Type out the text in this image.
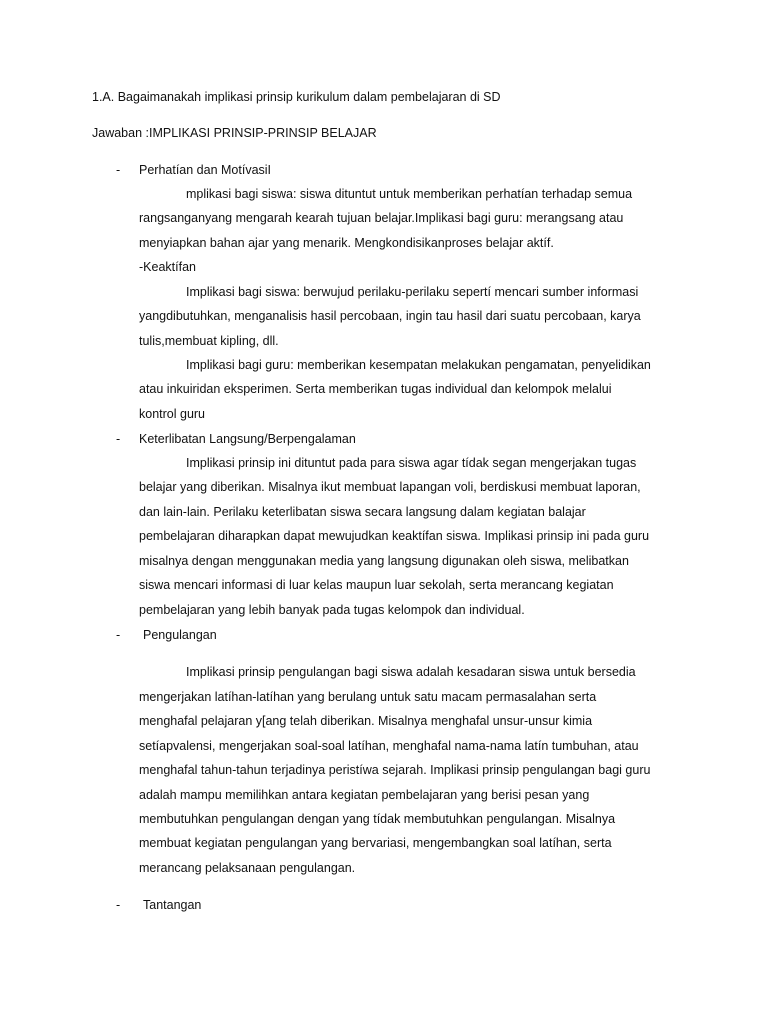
1.A. Bagaimanakah implikasi prinsip kurikulum dalam pembelajaran di SD
Jawaban :IMPLIKASI PRINSIP-PRINSIP BELAJAR
- Perhatían dan MotívasiI
mplikasi bagi siswa: siswa dituntut untuk memberikan perhatían terhadap semua
rangsanganyang mengarah kearah tujuan belajar.Implikasi bagi guru: merangsang atau
menyiapkan bahan ajar yang menarik. Mengkondisikanproses belajar aktíf.
-Keaktífan
Implikasi bagi siswa: berwujud perilaku-perilaku sepertí mencari sumber informasi
yangdibutuhkan, menganalisis hasil percobaan, ingin tau hasil dari suatu percobaan, karya
tulis,membuat kipling, dll.
Implikasi bagi guru: memberikan kesempatan melakukan pengamatan, penyelidikan
atau inkuiridan eksperimen. Serta memberikan tugas individual dan kelompok melalui
kontrol guru
- Keterlibatan Langsung/Berpengalaman
Implikasi prinsip ini dituntut pada para siswa agar tídak segan mengerjakan tugas
belajar yang diberikan. Misalnya ikut membuat lapangan voli, berdiskusi membuat laporan,
dan lain-lain. Perilaku keterlibatan siswa secara langsung dalam kegiatan balajar
pembelajaran diharapkan dapat mewujudkan keaktífan siswa. Implikasi prinsip ini pada guru
misalnya dengan menggunakan media yang langsung digunakan oleh siswa, melibatkan
siswa mencari informasi di luar kelas maupun luar sekolah, serta merancang kegiatan
pembelajaran yang lebih banyak pada tugas kelompok dan individual.
- Pengulangan
Implikasi prinsip pengulangan bagi siswa adalah kesadaran siswa untuk bersedia
mengerjakan latíhan-latíhan yang berulang untuk satu macam permasalahan serta
menghafal pelajaran y[ang telah diberikan. Misalnya menghafal unsur-unsur kimia
setíapvalensi, mengerjakan soal-soal latíhan, menghafal nama-nama latín tumbuhan, atau
menghafal tahun-tahun terjadinya peristíwa sejarah. Implikasi prinsip pengulangan bagi guru
adalah mampu memilihkan antara kegiatan pembelajaran yang berisi pesan yang
membutuhkan pengulangan dengan yang tídak membutuhkan pengulangan. Misalnya
membuat kegiatan pengulangan yang bervariasi, mengembangkan soal latíhan, serta
merancang pelaksanaan pengulangan.
- Tantangan
